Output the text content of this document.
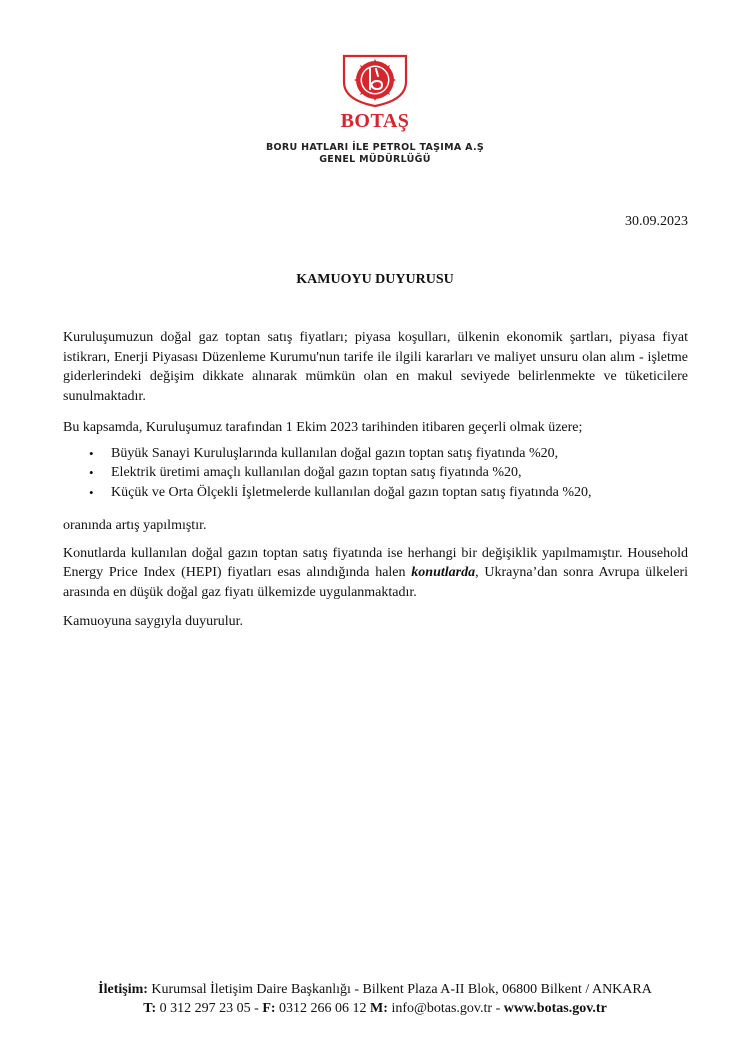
BOTAŞ
BORU HATLARI İLE PETROL TAŞIMA A.Ş
GENEL MÜDÜRLÜĞÜ
30.09.2023
KAMUOYU DUYURUSU

Kuruluşumuzun doğal gaz toptan satış fiyatları; piyasa koşulları, ülkenin ekonomik şartları, piyasa fiyat istikrarı, Enerji Piyasası Düzenleme Kurumu'nun tarife ile ilgili kararları ve maliyet unsuru olan alım - işletme giderlerindeki değişim dikkate alınarak mümkün olan en makul seviyede belirlenmekte ve tüketicilere sunulmaktadır.

Bu kapsamda, Kuruluşumuz tarafından 1 Ekim 2023 tarihinden itibaren geçerli olmak üzere;

• Büyük Sanayi Kuruluşlarında kullanılan doğal gazın toptan satış fiyatında %20,
• Elektrik üretimi amaçlı kullanılan doğal gazın toptan satış fiyatında %20,
• Küçük ve Orta Ölçekli İşletmelerde kullanılan doğal gazın toptan satış fiyatında %20,

oranında artış yapılmıştır.

Konutlarda kullanılan doğal gazın toptan satış fiyatında ise herhangi bir değişiklik yapılmamıştır. Household Energy Price Index (HEPI) fiyatları esas alındığında halen konutlarda, Ukrayna’dan sonra Avrupa ülkeleri arasında en düşük doğal gaz fiyatı ülkemizde uygulanmaktadır.

Kamuoyuna saygıyla duyurulur.

İletişim: Kurumsal İletişim Daire Başkanlığı - Bilkent Plaza A-II Blok, 06800 Bilkent / ANKARA
T: 0 312 297 23 05 - F: 0312 266 06 12 M: info@botas.gov.tr - www.botas.gov.tr
